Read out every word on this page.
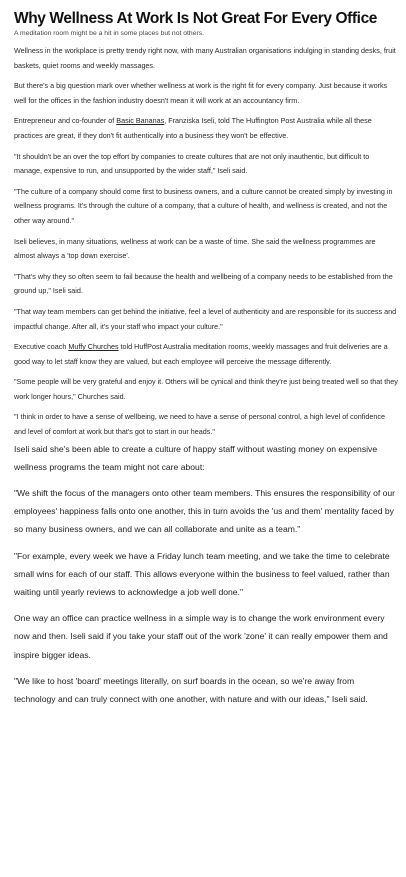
Why Wellness At Work Is Not Great For Every Office
A meditation room might be a hit in some places but not others.

Wellness in the workplace is pretty trendy right now, with many Australian organisations indulging in standing desks, fruit baskets, quiet rooms and weekly massages.

But there's a big question mark over whether wellness at work is the right fit for every company. Just because it works well for the offices in the fashion industry doesn't mean it will work at an accountancy firm.

Entrepreneur and co-founder of Basic Bananas, Franziska Iseli, told The Huffington Post Australia while all these practices are great, if they don't fit authentically into a business they won't be effective.

"It shouldn't be an over the top effort by companies to create cultures that are not only inauthentic, but difficult to manage, expensive to run, and unsupported by the wider staff," Iseli said.

"The culture of a company should come first to business owners, and a culture cannot be created simply by investing in wellness programs. It's through the culture of a company, that a culture of health, and wellness is created, and not the other way around."

Iseli believes, in many situations, wellness at work can be a waste of time. She said the wellness programmes are almost always a 'top down exercise'.

"That's why they so often seem to fail because the health and wellbeing of a company needs to be established from the ground up," Iseli said.

"That way team members can get behind the initiative, feel a level of authenticity and are responsible for its success and impactful change. After all, it's your staff who impact your culture."

Executive coach Muffy Churches told HuffPost Australia meditation rooms, weekly massages and fruit deliveries are a good way to let staff know they are valued, but each employee will perceive the message differently.

"Some people will be very grateful and enjoy it. Others will be cynical and think they're just being treated well so that they work longer hours," Churches said.

"I think in order to have a sense of wellbeing, we need to have a sense of personal control, a high level of confidence and level of comfort at work but that's got to start in our heads."

Iseli said she's been able to create a culture of happy staff without wasting money on expensive wellness programs the team might not care about:

"We shift the focus of the managers onto other team members. This ensures the responsibility of our employees' happiness falls onto one another, this in turn avoids the 'us and them' mentality faced by so many business owners, and we can all collaborate and unite as a team."

"For example, every week we have a Friday lunch team meeting, and we take the time to celebrate small wins for each of our staff. This allows everyone within the business to feel valued, rather than waiting until yearly reviews to acknowledge a job well done."

One way an office can practice wellness in a simple way is to change the work environment every now and then. Iseli said if you take your staff out of the work 'zone' it can really empower them and inspire bigger ideas.

"We like to host 'board' meetings literally, on surf boards in the ocean, so we're away from technology and can truly connect with one another, with nature and with our ideas," Iseli said.
